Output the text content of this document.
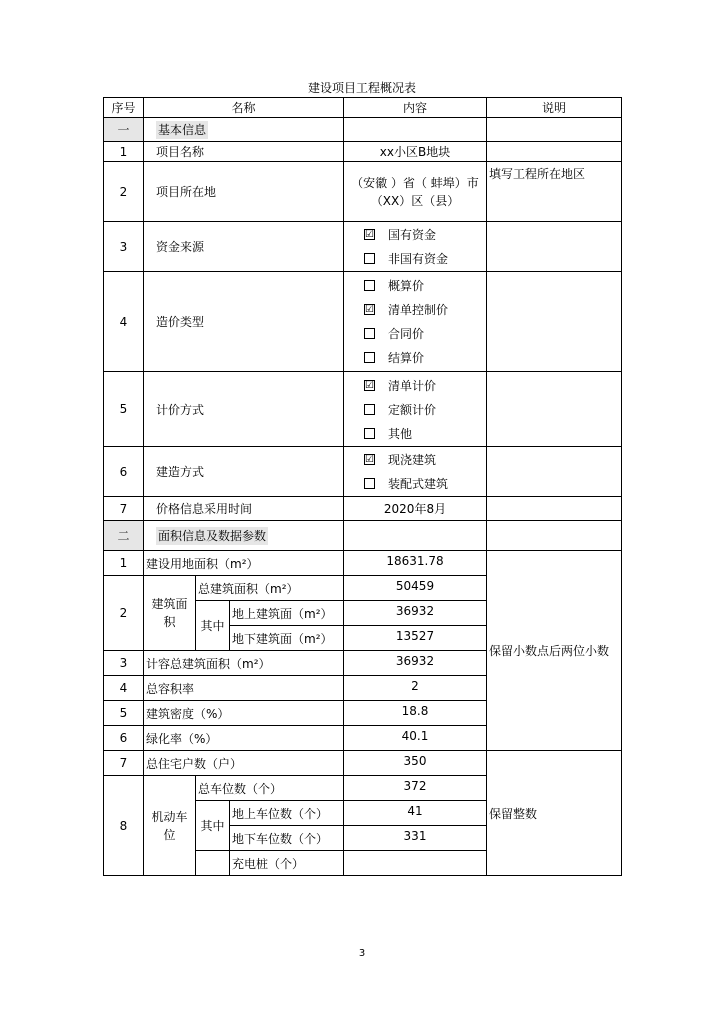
建设项目工程概况表
序号	名称			内容	说明
一	基本信息				
1	项目名称			xx小区B地块	
2	项目所在地			（安徽 ）省（ 蚌埠）市（XX）区（县）	填写工程所在地区
3	资金来源			☑ 国有资金
非国有资金	

4	造价类型			概算价
☑ 清单控制价
合同价
结算价	

5	计价方式			☑ 清单计价
定额计价
其他	

6	建造方式			☑ 现浇建筑
装配式建筑	

7	价格信息采用时间			2020年8月	
二	面积信息及数据参数				
1	建设用地面积（m²）			18631.78	保留小数点后两位小数
2	建筑面积	总建筑面积（m²）		50459	
		其中	地上建筑面（m²）	36932	
			地下建筑面（m²）	13527	
3	计容总建筑面积（m²）			36932	
4	总容积率			2	
5	建筑密度（%）			18.8	
6	绿化率（%）			40.1	
7	总住宅户数（户）			350	保留整数
8	机动车位	总车位数（个）		372	
		其中	地上车位数（个）	41	
			地下车位数（个）	331	
			充电桩（个）		
3
